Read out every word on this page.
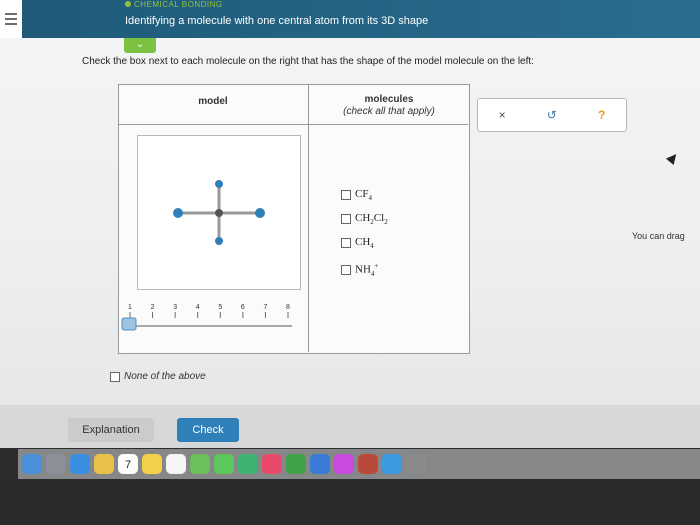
CHEMICAL BONDING
Identifying a molecule with one central atom from its 3D shape
⌄
Check the box next to each molecule on the right that has the shape of the model molecule on the left:
model	molecules
(check all that apply)
1	2	3	4	5	6	7	8
$CF_4$
$CH_2Cl_2$
$CH_4$
$NH_4^+$
None of the above
×	↺	?
You can drag
Explanation	Check
7
